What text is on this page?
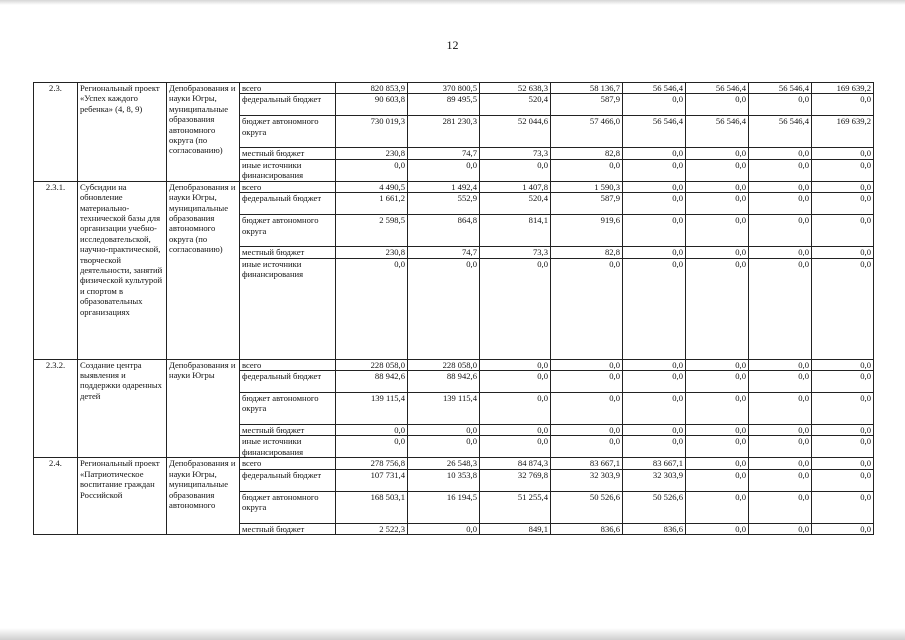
12
2.3.	Региональный проект «Успех каждого ребенка» (4, 8, 9)	Депобразования и науки Югры, муниципальные образования автономного округа (по согласованию)	всего	820 853,9	370 800,5	52 638,3	58 136,7	56 546,4	56 546,4	56 546,4	169 639,2
			федеральный бюджет	90 603,8	89 495,5	520,4	587,9	0,0	0,0	0,0	0,0
			бюджет автономного округа	730 019,3	281 230,3	52 044,6	57 466,0	56 546,4	56 546,4	56 546,4	169 639,2
			местный бюджет	230,8	74,7	73,3	82,8	0,0	0,0	0,0	0,0
			иные источники финансирования	0,0	0,0	0,0	0,0	0,0	0,0	0,0	0,0
2.3.1.	Субсидии на обновление материально-технической базы для организации учебно-исследовательской, научно-практической, творческой деятельности, занятий физической культурой и спортом в образовательных организациях	Депобразования и науки Югры, муниципальные образования автономного округа (по согласованию)	всего	4 490,5	1 492,4	1 407,8	1 590,3	0,0	0,0	0,0	0,0
			федеральный бюджет	1 661,2	552,9	520,4	587,9	0,0	0,0	0,0	0,0
			бюджет автономного округа	2 598,5	864,8	814,1	919,6	0,0	0,0	0,0	0,0
			местный бюджет	230,8	74,7	73,3	82,8	0,0	0,0	0,0	0,0
			иные источники финансирования	0,0	0,0	0,0	0,0	0,0	0,0	0,0	0,0
2.3.2.	Создание центра выявления и поддержки одаренных детей	Депобразования и науки Югры	всего	228 058,0	228 058,0	0,0	0,0	0,0	0,0	0,0	0,0
			федеральный бюджет	88 942,6	88 942,6	0,0	0,0	0,0	0,0	0,0	0,0
			бюджет автономного округа	139 115,4	139 115,4	0,0	0,0	0,0	0,0	0,0	0,0
			местный бюджет	0,0	0,0	0,0	0,0	0,0	0,0	0,0	0,0
			иные источники финансирования	0,0	0,0	0,0	0,0	0,0	0,0	0,0	0,0
2.4.	Региональный проект «Патриотическое воспитание граждан Российской	Депобразования и науки Югры, муниципальные образования автономного	всего	278 756,8	26 548,3	84 874,3	83 667,1	83 667,1	0,0	0,0	0,0
			федеральный бюджет	107 731,4	10 353,8	32 769,8	32 303,9	32 303,9	0,0	0,0	0,0
			бюджет автономного округа	168 503,1	16 194,5	51 255,4	50 526,6	50 526,6	0,0	0,0	0,0
			местный бюджет	2 522,3	0,0	849,1	836,6	836,6	0,0	0,0	0,0
